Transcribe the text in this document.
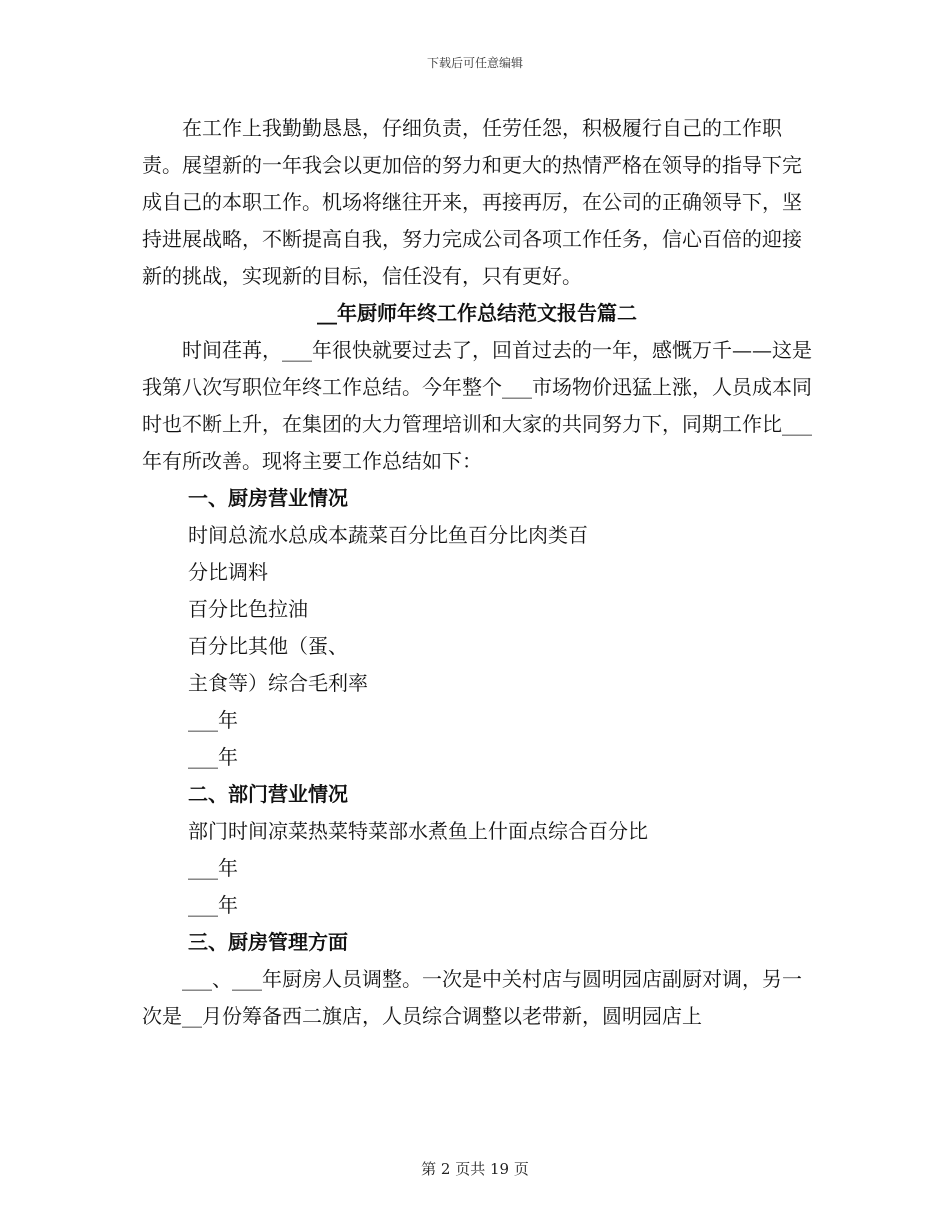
下载后可任意编辑

在工作上我勤勤恳恳，仔细负责，任劳任怨，积极履行自己的工作职责。展望新的一年我会以更加倍的努力和更大的热情严格在领导的指导下完成自己的本职工作。机场将继往开来，再接再厉，在公司的正确领导下，坚持进展战略，不断提高自我，努力完成公司各项工作任务，信心百倍的迎接新的挑战，实现新的目标，信任没有，只有更好。

__年厨师年终工作总结范文报告篇二

时间荏苒，___年很快就要过去了，回首过去的一年，感慨万千——这是我第八次写职位年终工作总结。今年整个___市场物价迅猛上涨，人员成本同时也不断上升，在集团的大力管理培训和大家的共同努力下，同期工作比___年有所改善。现将主要工作总结如下：

一、厨房营业情况

时间总流水总成本蔬菜百分比鱼百分比肉类百

分比调料

百分比色拉油

百分比其他（蛋、

主食等）综合毛利率

___年

___年

二、部门营业情况

部门时间凉菜热菜特菜部水煮鱼上什面点综合百分比

___年

___年

三、厨房管理方面

___、___年厨房人员调整。一次是中关村店与圆明园店副厨对调，另一次是__月份筹备西二旗店，人员综合调整以老带新，圆明园店上

第 2 页共 19 页
